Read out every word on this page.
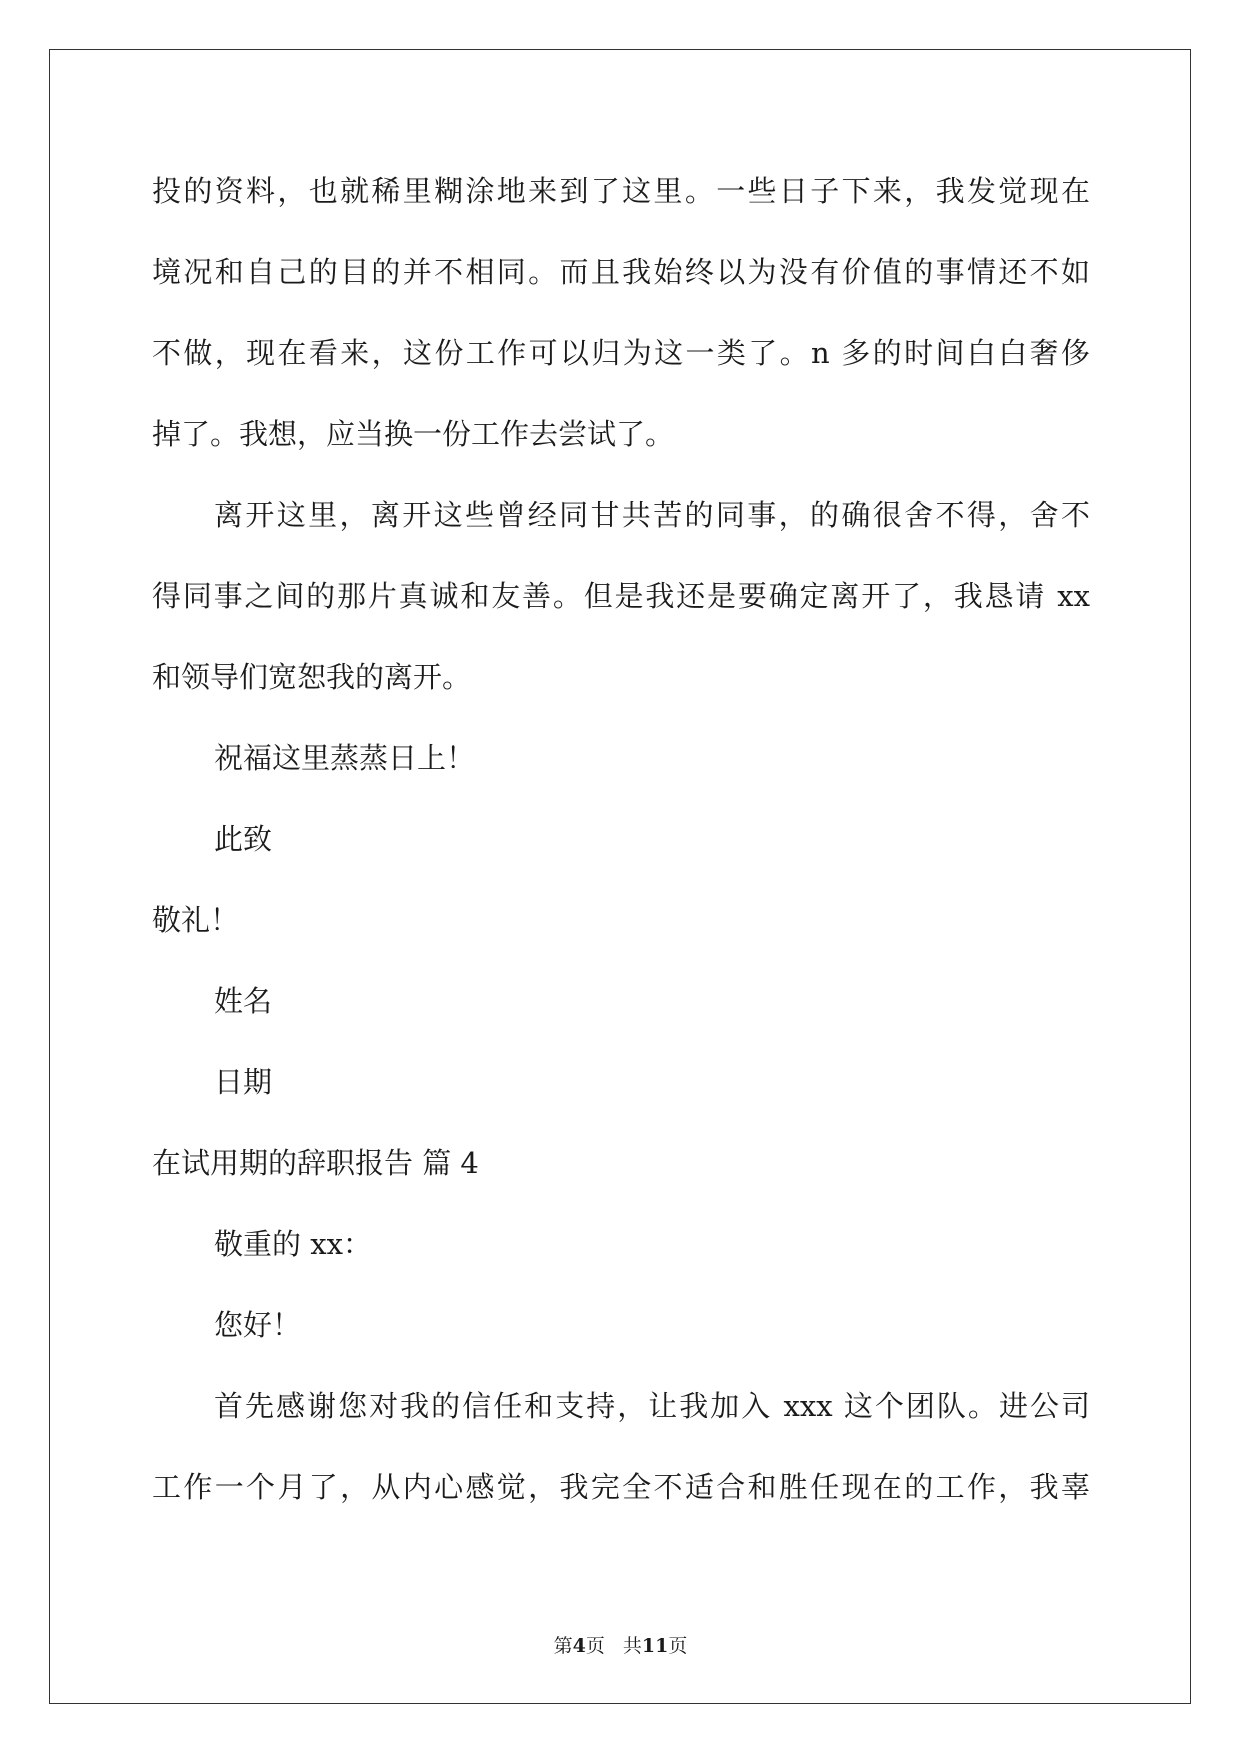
投的资料，也就稀里糊涂地来到了这里。一些日子下来，我发觉现在
境况和自己的目的并不相同。而且我始终以为没有价值的事情还不如
不做，现在看来，这份工作可以归为这一类了。n 多的时间白白奢侈
掉了。我想，应当换一份工作去尝试了。
离开这里，离开这些曾经同甘共苦的同事，的确很舍不得，舍不
得同事之间的那片真诚和友善。但是我还是要确定离开了，我恳请 xx
和领导们宽恕我的离开。
祝福这里蒸蒸日上！
此致
敬礼！
姓名
日期
在试用期的辞职报告 篇 4
敬重的 xx：
您好！
首先感谢您对我的信任和支持，让我加入 xxx 这个团队。进公司
工作一个月了，从内心感觉，我完全不适合和胜任现在的工作，我辜
第4页 共11页
